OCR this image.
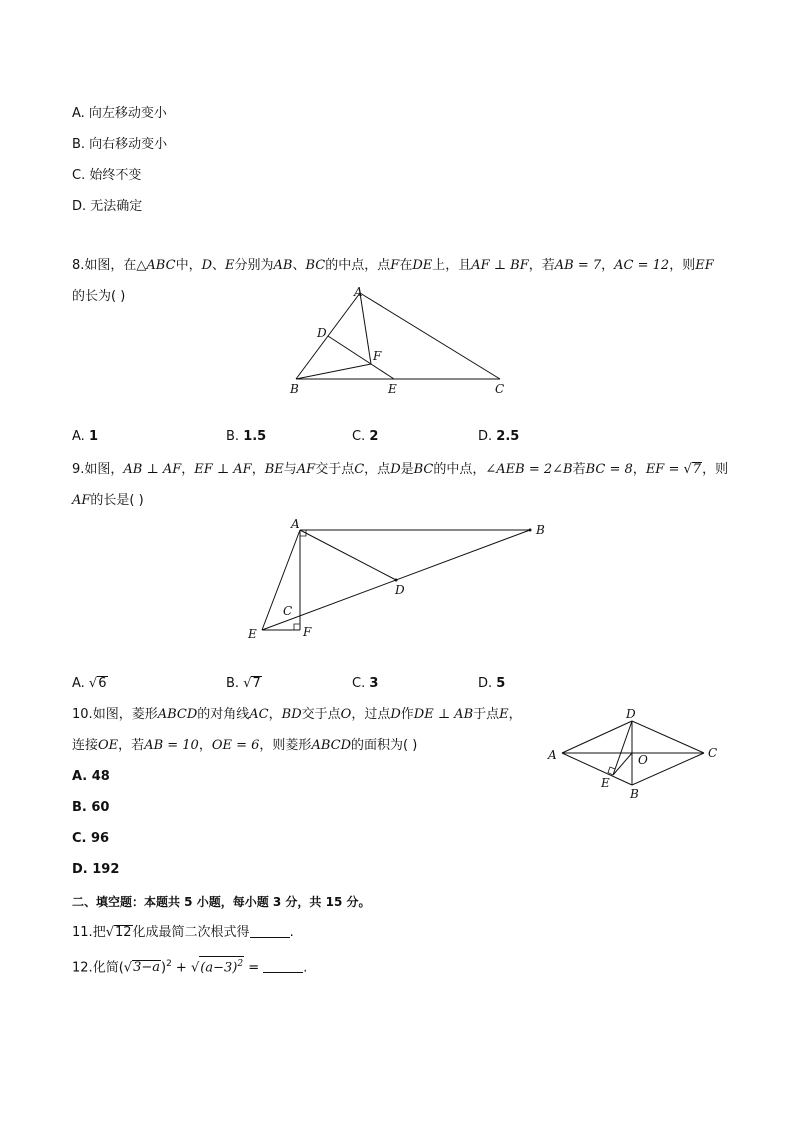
A. 向左移动变小
B. 向右移动变小
C. 始终不变
D. 无法确定
8.如图，在△ABC中，D、E分别为AB、BC的中点，点F在DE上，且AF ⊥ BF，若AB = 7，AC = 12，则EF
的长为( )	A
D
F
B	E	C
A. 1	B. 1.5	C. 2	D. 2.5
9.如图，AB ⊥ AF，EF ⊥ AF，BE与AF交于点C，点D是BC的中点，∠AEB = 2∠B若BC = 8，EF = √7，则
AF的长是( )
A	B
D
C
E	F
A. √6	B. √7	C. 3	D. 5
10.如图，菱形ABCD的对角线AC，BD交于点O，过点D作DE ⊥ AB于点E，
连接OE，若AB = 10，OE = 6，则菱形ABCD的面积为( )
D
A	C
O
E
B
A. 48
B. 60
C. 96
D. 192
二、填空题：本题共 5 小题，每小题 3 分，共 15 分。
11.把√12化成最简二次根式得	.
12.化简$(√3-a)^2 + √(a-3)^2$ =	.
